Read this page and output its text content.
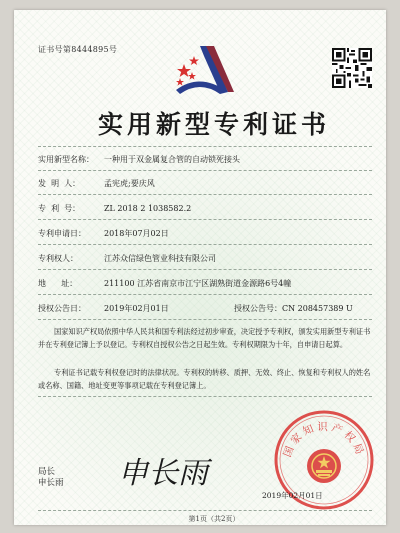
证书号第8444895号
实用新型专利证书
实用新型名称： 一种用于双金属复合管的自动锁死接头
发  明  人：	孟宪虎;要庆风
专  利  号：	ZL 2018 2 1038582.2
专利申请日： 2018年07月02日
专利权人：	江苏众信绿色管业科技有限公司
地      址：	211100 江苏省南京市江宁区湖熟街道金源路6号4幢
授权公告日： 2019年02月01日	授权公告号：CN 208457389 U
国家知识产权局依照中华人民共和国专利法经过初步审查，决定授予专利权，颁发实用新型专利证书并在专利登记簿上予以登记。专利权自授权公告之日起生效。专利权期限为十年，自申请日起算。
专利证书记载专利权登记时的法律状况。专利权的转移、质押、无效、终止、恢复和专利权人的姓名或名称、国籍、地址变更等事项记载在专利登记簿上。
局长
申长雨 申长雨
国家知识产权局
2019年02月01日
第1页（共2页）
